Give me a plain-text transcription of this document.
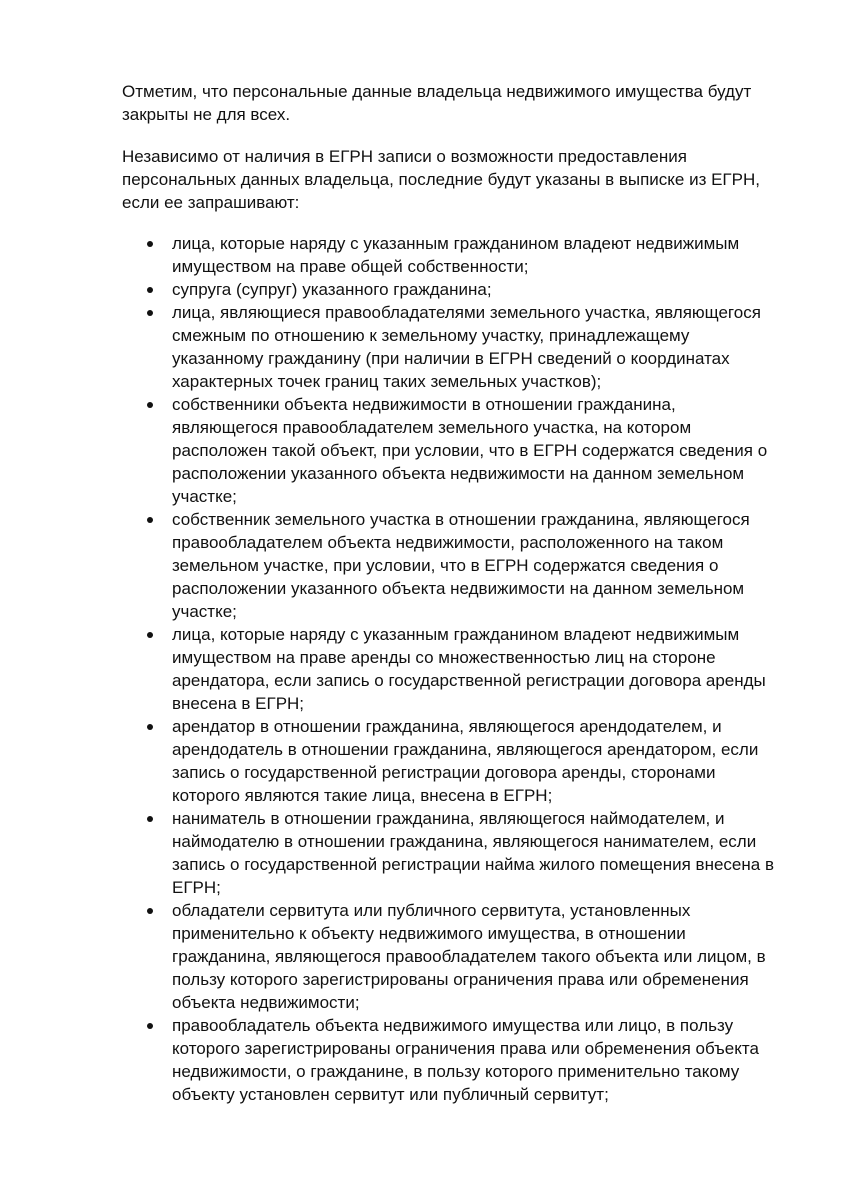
Отметим, что персональные данные владельца недвижимого имущества будут
закрыты не для всех.

Независимо от наличия в ЕГРН записи о возможности предоставления
персональных данных владельца, последние будут указаны в выписке из ЕГРН,
если ее запрашивают:

лица, которые наряду с указанным гражданином владеют недвижимым
имуществом на праве общей собственности;
супруга (супруг) указанного гражданина;
лица, являющиеся правообладателями земельного участка, являющегося
смежным по отношению к земельному участку, принадлежащему
указанному гражданину (при наличии в ЕГРН сведений о координатах
характерных точек границ таких земельных участков);
собственники объекта недвижимости в отношении гражданина,
являющегося правообладателем земельного участка, на котором
расположен такой объект, при условии, что в ЕГРН содержатся сведения о
расположении указанного объекта недвижимости на данном земельном
участке;
собственник земельного участка в отношении гражданина, являющегося
правообладателем объекта недвижимости, расположенного на таком
земельном участке, при условии, что в ЕГРН содержатся сведения о
расположении указанного объекта недвижимости на данном земельном
участке;
лица, которые наряду с указанным гражданином владеют недвижимым
имуществом на праве аренды со множественностью лиц на стороне
арендатора, если запись о государственной регистрации договора аренды
внесена в ЕГРН;
арендатор в отношении гражданина, являющегося арендодателем, и
арендодатель в отношении гражданина, являющегося арендатором, если
запись о государственной регистрации договора аренды, сторонами
которого являются такие лица, внесена в ЕГРН;
наниматель в отношении гражданина, являющегося наймодателем, и
наймодателю в отношении гражданина, являющегося нанимателем, если
запись о государственной регистрации найма жилого помещения внесена в
ЕГРН;
обладатели сервитута или публичного сервитута, установленных
применительно к объекту недвижимого имущества, в отношении
гражданина, являющегося правообладателем такого объекта или лицом, в
пользу которого зарегистрированы ограничения права или обременения
объекта недвижимости;
правообладатель объекта недвижимого имущества или лицо, в пользу
которого зарегистрированы ограничения права или обременения объекта
недвижимости, о гражданине, в пользу которого применительно такому
объекту установлен сервитут или публичный сервитут;
